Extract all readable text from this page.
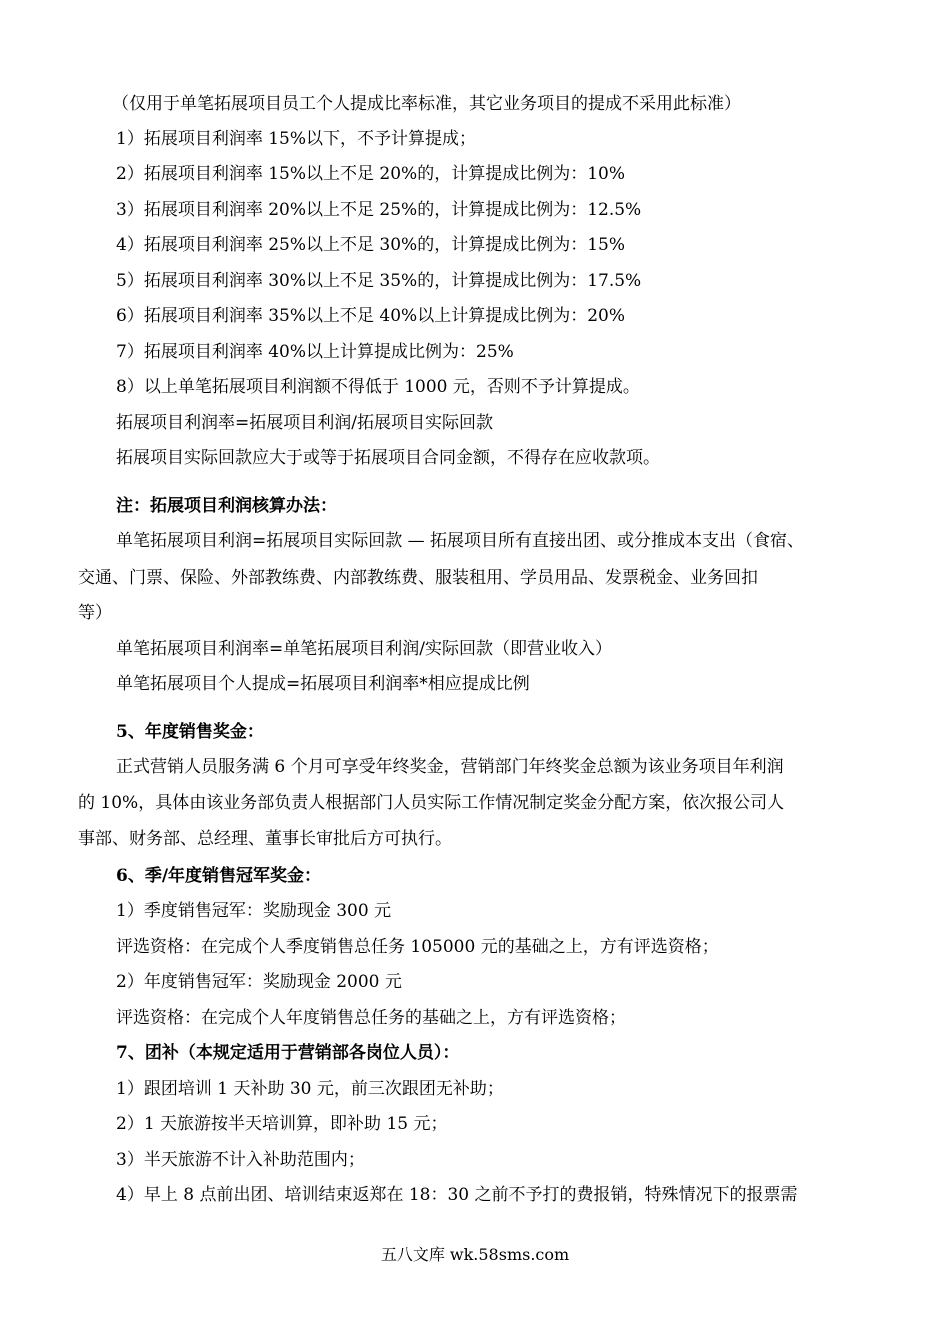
（仅用于单笔拓展项目员工个人提成比率标准，其它业务项目的提成不采用此标准）
1）拓展项目利润率 15%以下，不予计算提成；
2）拓展项目利润率 15%以上不足 20%的，计算提成比例为：10%
3）拓展项目利润率 20%以上不足 25%的，计算提成比例为：12.5%
4）拓展项目利润率 25%以上不足 30%的，计算提成比例为：15%
5）拓展项目利润率 30%以上不足 35%的，计算提成比例为：17.5%
6）拓展项目利润率 35%以上不足 40%以上计算提成比例为：20%
7）拓展项目利润率 40%以上计算提成比例为：25%
8）以上单笔拓展项目利润额不得低于 1000 元，否则不予计算提成。
拓展项目利润率=拓展项目利润/拓展项目实际回款
拓展项目实际回款应大于或等于拓展项目合同金额，不得存在应收款项。
注：拓展项目利润核算办法：
单笔拓展项目利润=拓展项目实际回款 — 拓展项目所有直接出团、或分推成本支出（食宿、
交通、门票、保险、外部教练费、内部教练费、服装租用、学员用品、发票税金、业务回扣
等）
单笔拓展项目利润率=单笔拓展项目利润/实际回款（即营业收入）
单笔拓展项目个人提成=拓展项目利润率*相应提成比例
5、年度销售奖金：
正式营销人员服务满 6 个月可享受年终奖金，营销部门年终奖金总额为该业务项目年利润
的 10%，具体由该业务部负责人根据部门人员实际工作情况制定奖金分配方案，依次报公司人
事部、财务部、总经理、董事长审批后方可执行。
6、季/年度销售冠军奖金：
1）季度销售冠军：奖励现金 300 元
评选资格：在完成个人季度销售总任务 105000 元的基础之上，方有评选资格；
2）年度销售冠军：奖励现金 2000 元
评选资格：在完成个人年度销售总任务的基础之上，方有评选资格；
7、团补（本规定适用于营销部各岗位人员）：
1）跟团培训 1 天补助 30 元，前三次跟团无补助；
2）1 天旅游按半天培训算，即补助 15 元；
3）半天旅游不计入补助范围内；
4）早上 8 点前出团、培训结束返郑在 18：30 之前不予打的费报销，特殊情况下的报票需
五八文库 wk.58sms.com
